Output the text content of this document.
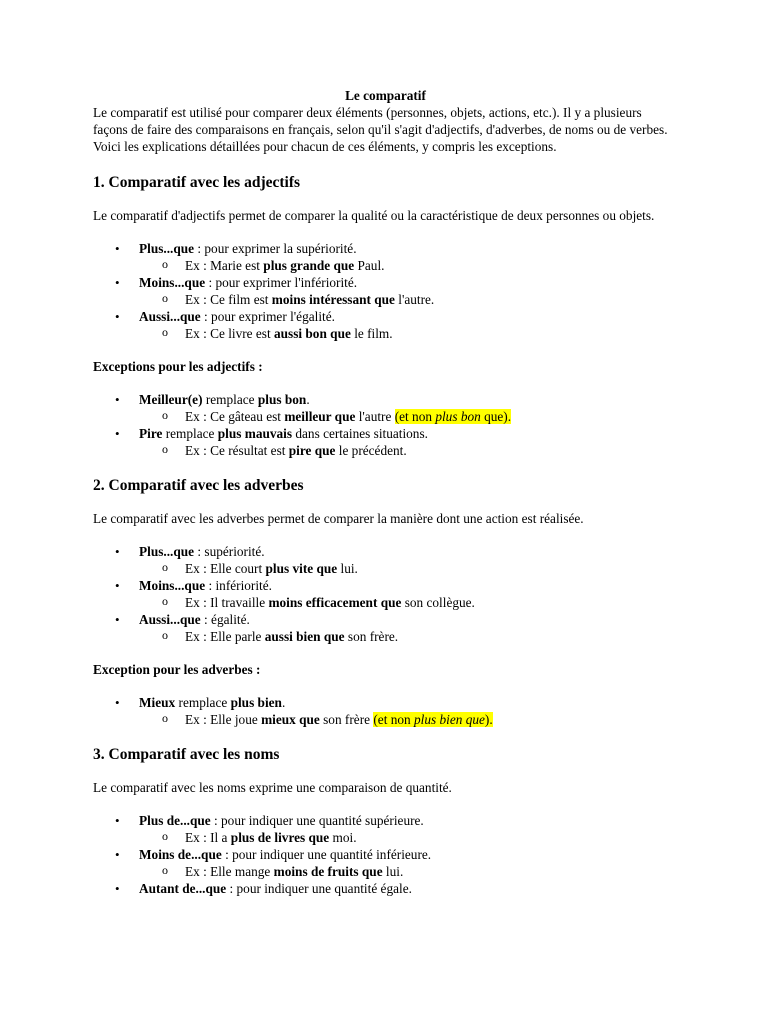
Le comparatif

Le comparatif est utilisé pour comparer deux éléments (personnes, objets, actions, etc.). Il y a plusieurs façons de faire des comparaisons en français, selon qu'il s'agit d'adjectifs, d'adverbes, de noms ou de verbes. Voici les explications détaillées pour chacun de ces éléments, y compris les exceptions.

1. Comparatif avec les adjectifs

Le comparatif d'adjectifs permet de comparer la qualité ou la caractéristique de deux personnes ou objets.

• Plus...que : pour exprimer la supériorité.
o Ex : Marie est plus grande que Paul.
• Moins...que : pour exprimer l'infériorité.
o Ex : Ce film est moins intéressant que l'autre.
• Aussi...que : pour exprimer l'égalité.
o Ex : Ce livre est aussi bon que le film.
Exceptions pour les adjectifs :
• Meilleur(e) remplace plus bon.
o Ex : Ce gâteau est meilleur que l'autre (et non plus bon que).
• Pire remplace plus mauvais dans certaines situations.
o Ex : Ce résultat est pire que le précédent.
2. Comparatif avec les adverbes

Le comparatif avec les adverbes permet de comparer la manière dont une action est réalisée.

• Plus...que : supériorité.
o Ex : Elle court plus vite que lui.
• Moins...que : infériorité.
o Ex : Il travaille moins efficacement que son collègue.
• Aussi...que : égalité.
o Ex : Elle parle aussi bien que son frère.
Exception pour les adverbes :
• Mieux remplace plus bien.
o Ex : Elle joue mieux que son frère (et non plus bien que).
3. Comparatif avec les noms

Le comparatif avec les noms exprime une comparaison de quantité.

• Plus de...que : pour indiquer une quantité supérieure.
o Ex : Il a plus de livres que moi.
• Moins de...que : pour indiquer une quantité inférieure.
o Ex : Elle mange moins de fruits que lui.
• Autant de...que : pour indiquer une quantité égale.
